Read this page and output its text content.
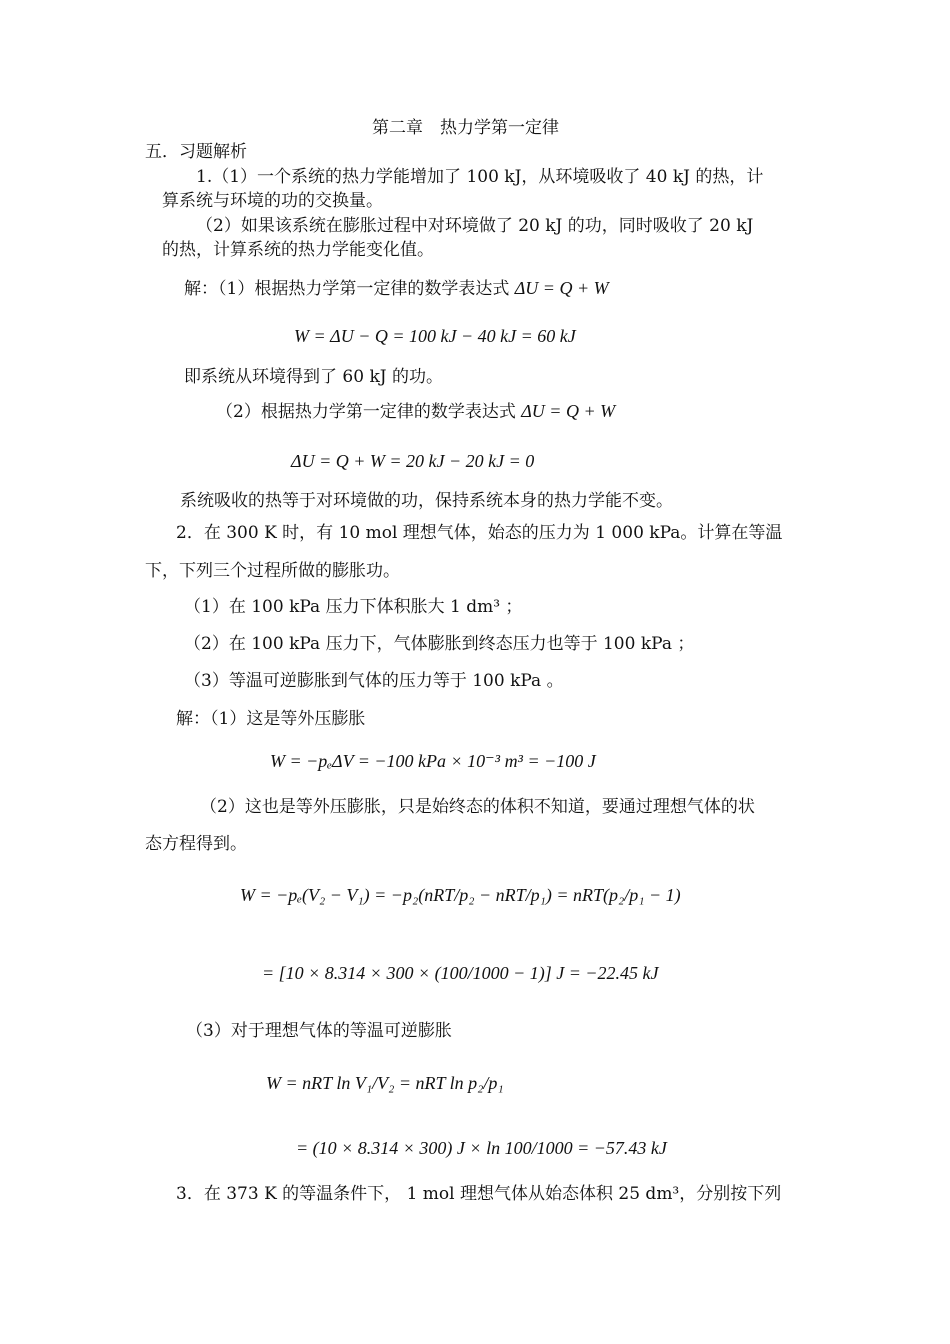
第二章　热力学第一定律
五．习题解析
1.（1）一个系统的热力学能增加了 100 kJ，从环境吸收了 40 kJ 的热，计
算系统与环境的功的交换量。
（2）如果该系统在膨胀过程中对环境做了 20 kJ 的功，同时吸收了 20 kJ
的热，计算系统的热力学能变化值。
解：（1）根据热力学第一定律的数学表达式 ΔU = Q + W
W = ΔU − Q = 100 kJ − 40 kJ = 60 kJ
即系统从环境得到了 60 kJ 的功。
（2）根据热力学第一定律的数学表达式 ΔU = Q + W
ΔU = Q + W = 20 kJ − 20 kJ = 0
系统吸收的热等于对环境做的功，保持系统本身的热力学能不变。
2．在 300 K 时，有 10 mol 理想气体，始态的压力为 1 000 kPa。计算在等温
下，下列三个过程所做的膨胀功。
（1）在 100 kPa 压力下体积胀大 1 dm³ ；
（2）在 100 kPa 压力下，气体膨胀到终态压力也等于 100 kPa ；
（3）等温可逆膨胀到气体的压力等于 100 kPa 。
解：（1）这是等外压膨胀
W = −pₑΔV = −100 kPa × 10⁻³ m³ = −100 J
（2）这也是等外压膨胀，只是始终态的体积不知道，要通过理想气体的状
态方程得到。
W = −pₑ(V₂ − V₁) = −p₂(nRT/p₂ − nRT/p₁) = nRT(p₂/p₁ − 1)
= [10 × 8.314 × 300 × (100/1000 − 1)] J = −22.45 kJ
（3）对于理想气体的等温可逆膨胀
W = nRT ln V₁/V₂ = nRT ln p₂/p₁
= (10 × 8.314 × 300) J × ln 100/1000 = −57.43 kJ
3．在 373 K 的等温条件下， 1 mol 理想气体从始态体积 25 dm³，分别按下列
